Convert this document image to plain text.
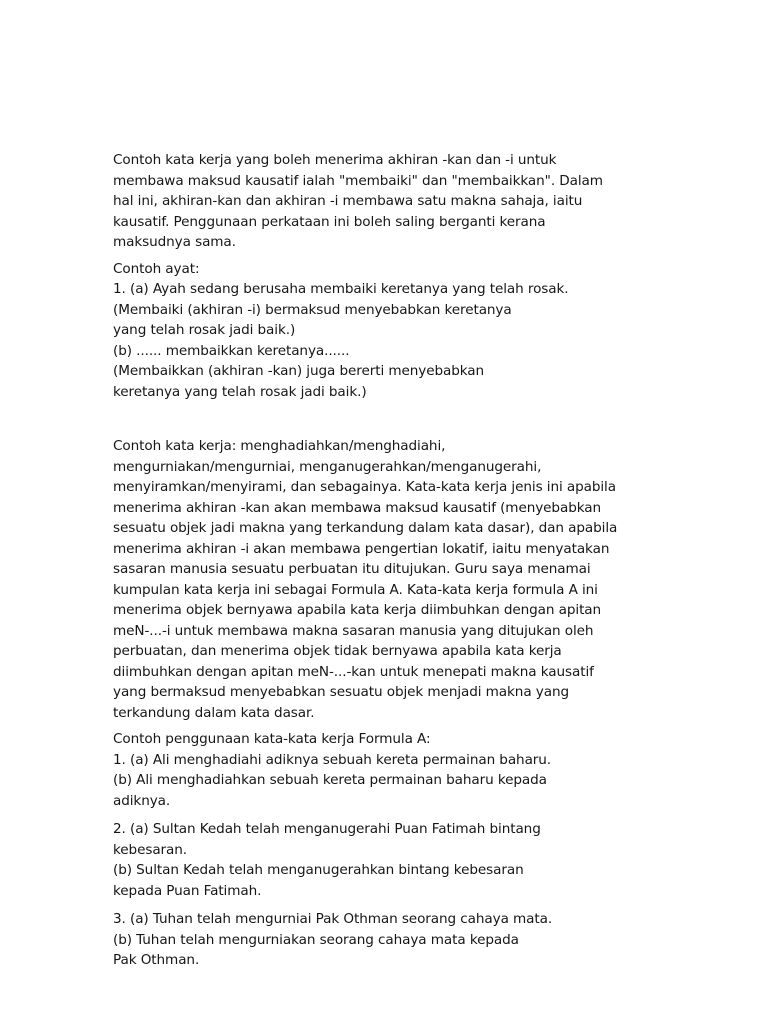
Contoh kata kerja yang boleh menerima akhiran -kan dan -i untuk
membawa maksud kausatif ialah "membaiki" dan "membaikkan". Dalam
hal ini, akhiran-kan dan akhiran -i membawa satu makna sahaja, iaitu
kausatif. Penggunaan perkataan ini boleh saling berganti kerana
maksudnya sama.

Contoh ayat:
1. (a) Ayah sedang berusaha membaiki keretanya yang telah rosak.
(Membaiki (akhiran -i) bermaksud menyebabkan keretanya
yang telah rosak jadi baik.)
(b) ...... membaikkan keretanya......
(Membaikkan (akhiran -kan) juga bererti menyebabkan
keretanya yang telah rosak jadi baik.)

Contoh kata kerja: menghadiahkan/menghadiahi,
mengurniakan/mengurniai, menganugerahkan/menganugerahi,
menyiramkan/menyirami, dan sebagainya. Kata-kata kerja jenis ini apabila
menerima akhiran -kan akan membawa maksud kausatif (menyebabkan
sesuatu objek jadi makna yang terkandung dalam kata dasar), dan apabila
menerima akhiran -i akan membawa pengertian lokatif, iaitu menyatakan
sasaran manusia sesuatu perbuatan itu ditujukan. Guru saya menamai
kumpulan kata kerja ini sebagai Formula A. Kata-kata kerja formula A ini
menerima objek bernyawa apabila kata kerja diimbuhkan dengan apitan
meN-...-i untuk membawa makna sasaran manusia yang ditujukan oleh
perbuatan, dan menerima objek tidak bernyawa apabila kata kerja
diimbuhkan dengan apitan meN-...-kan untuk menepati makna kausatif
yang bermaksud menyebabkan sesuatu objek menjadi makna yang
terkandung dalam kata dasar.

Contoh penggunaan kata-kata kerja Formula A:
1. (a) Ali menghadiahi adiknya sebuah kereta permainan baharu.
(b) Ali menghadiahkan sebuah kereta permainan baharu kepada
adiknya.

2. (a) Sultan Kedah telah menganugerahi Puan Fatimah bintang
kebesaran.
(b) Sultan Kedah telah menganugerahkan bintang kebesaran
kepada Puan Fatimah.

3. (a) Tuhan telah mengurniai Pak Othman seorang cahaya mata.
(b) Tuhan telah mengurniakan seorang cahaya mata kepada
Pak Othman.
